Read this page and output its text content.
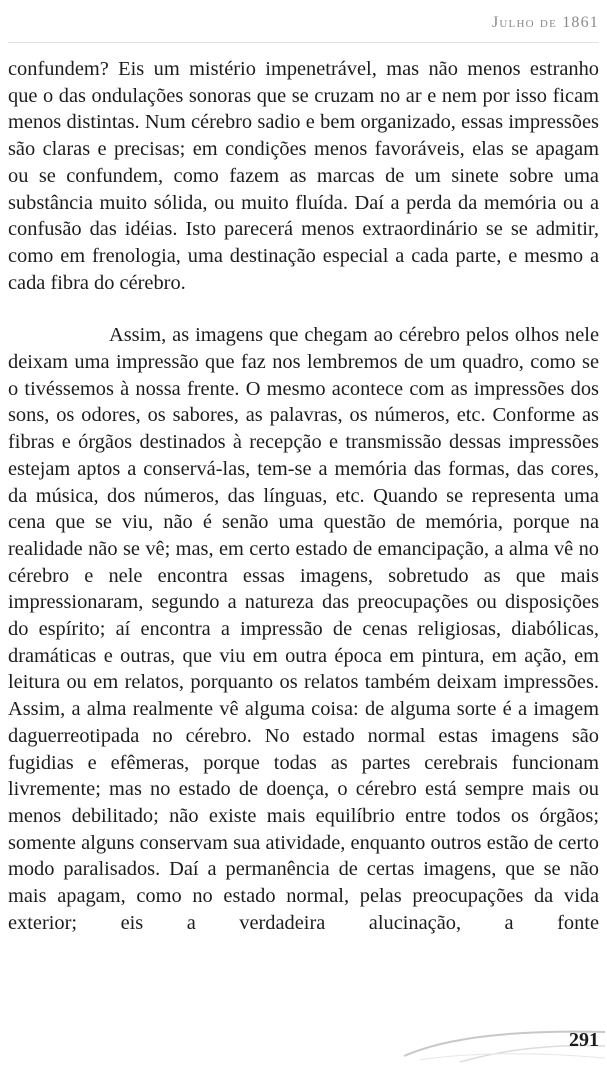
Julho de 1861

confundem? Eis um mistério impenetrável, mas não menos estranho que o das ondulações sonoras que se cruzam no ar e nem por isso ficam menos distintas. Num cérebro sadio e bem organizado, essas impressões são claras e precisas; em condições menos favoráveis, elas se apagam ou se confundem, como fazem as marcas de um sinete sobre uma substância muito sólida, ou muito fluída. Daí a perda da memória ou a confusão das idéias. Isto parecerá menos extraordinário se se admitir, como em frenologia, uma destinação especial a cada parte, e mesmo a cada fibra do cérebro.

Assim, as imagens que chegam ao cérebro pelos olhos nele deixam uma impressão que faz nos lembremos de um quadro, como se o tivéssemos à nossa frente. O mesmo acontece com as impressões dos sons, os odores, os sabores, as palavras, os números, etc. Conforme as fibras e órgãos destinados à recepção e transmissão dessas impressões estejam aptos a conservá-las, tem-se a memória das formas, das cores, da música, dos números, das línguas, etc. Quando se representa uma cena que se viu, não é senão uma questão de memória, porque na realidade não se vê; mas, em certo estado de emancipação, a alma vê no cérebro e nele encontra essas imagens, sobretudo as que mais impressionaram, segundo a natureza das preocupações ou disposições do espírito; aí encontra a impressão de cenas religiosas, diabólicas, dramáticas e outras, que viu em outra época em pintura, em ação, em leitura ou em relatos, porquanto os relatos também deixam impressões. Assim, a alma realmente vê alguma coisa: de alguma sorte é a imagem daguerreotipada no cérebro. No estado normal estas imagens são fugidias e efêmeras, porque todas as partes cerebrais funcionam livremente; mas no estado de doença, o cérebro está sempre mais ou menos debilitado; não existe mais equilíbrio entre todos os órgãos; somente alguns conservam sua atividade, enquanto outros estão de certo modo paralisados. Daí a permanência de certas imagens, que se não mais apagam, como no estado normal, pelas preocupações da vida exterior; eis a verdadeira alucinação, a fonte

291
